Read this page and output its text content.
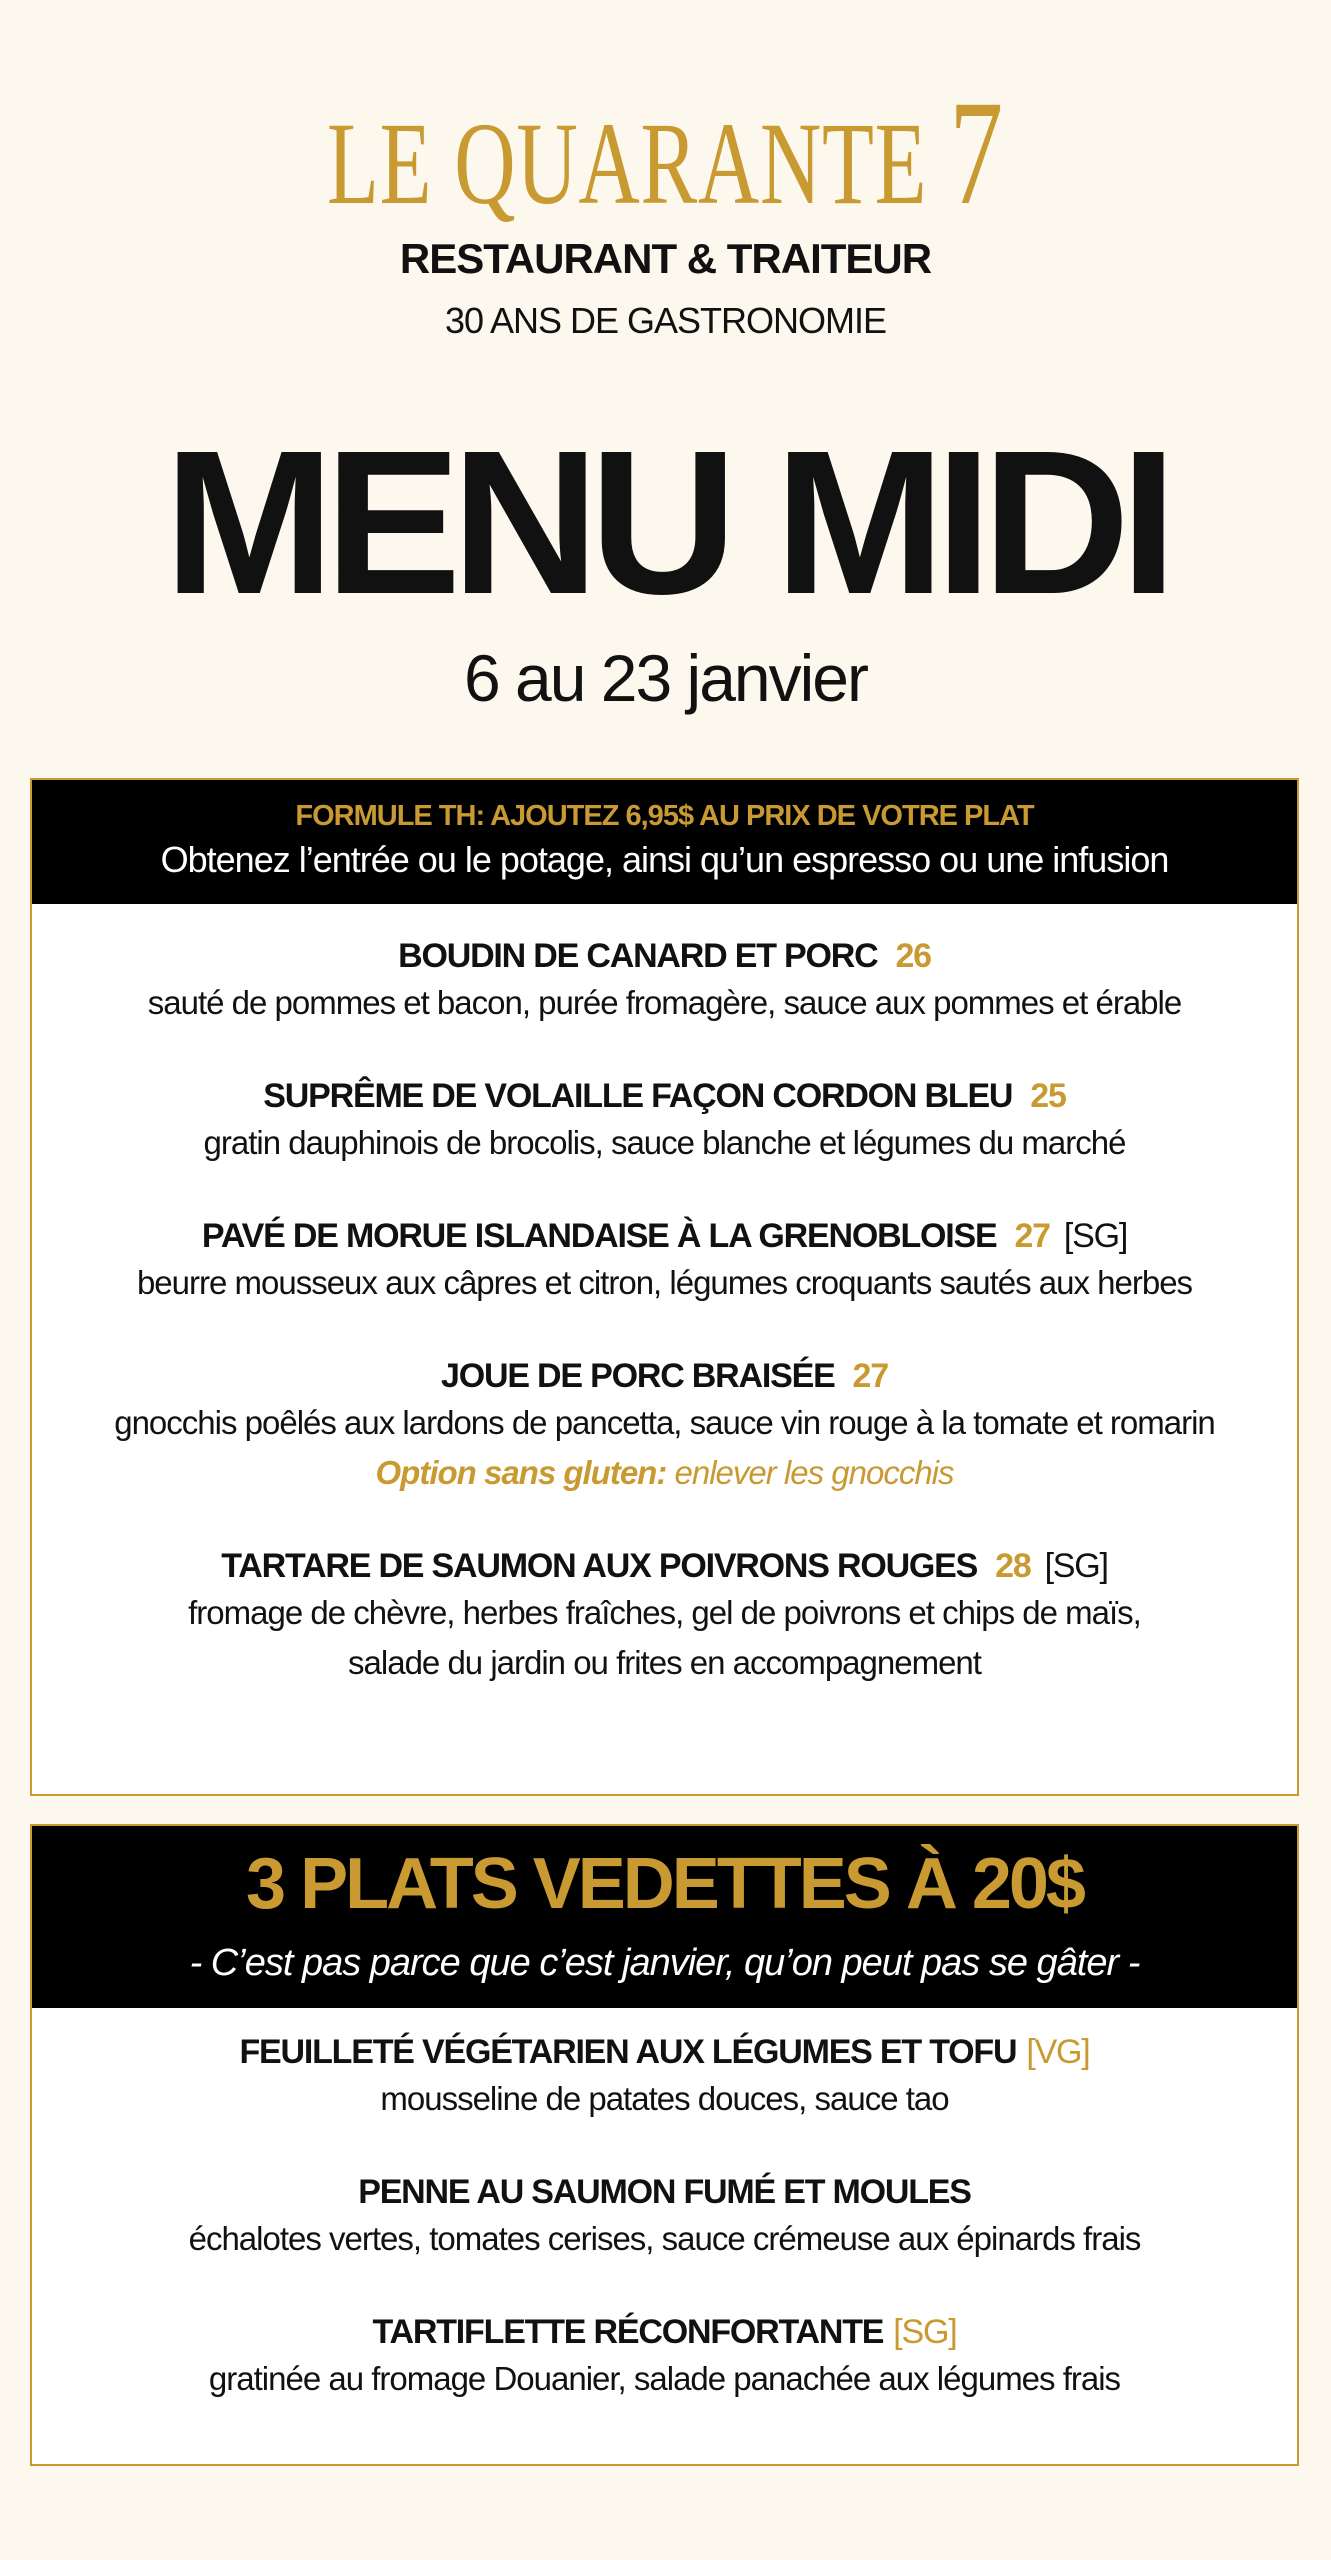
LE QUARANTE 7
RESTAURANT & TRAITEUR
30 ANS DE GASTRONOMIE
MENU MIDI
6 au 23 janvier
FORMULE TH: AJOUTEZ 6,95$ AU PRIX DE VOTRE PLAT
Obtenez l’entrée ou le potage, ainsi qu’un espresso ou une infusion
BOUDIN DE CANARD ET PORC 26
sauté de pommes et bacon, purée fromagère, sauce aux pommes et érable
SUPRÊME DE VOLAILLE FAÇON CORDON BLEU 25
gratin dauphinois de brocolis, sauce blanche et légumes du marché
PAVÉ DE MORUE ISLANDAISE À LA GRENOBLOISE 27 [SG]
beurre mousseux aux câpres et citron, légumes croquants sautés aux herbes
JOUE DE PORC BRAISÉE 27
gnocchis poêlés aux lardons de pancetta, sauce vin rouge à la tomate et romarin
Option sans gluten: enlever les gnocchis
TARTARE DE SAUMON AUX POIVRONS ROUGES 28 [SG]
fromage de chèvre, herbes fraîches, gel de poivrons et chips de maïs,
salade du jardin ou frites en accompagnement
3 PLATS VEDETTES À 20$
- C’est pas parce que c’est janvier, qu’on peut pas se gâter -
FEUILLETÉ VÉGÉTARIEN AUX LÉGUMES ET TOFU [VG]
mousseline de patates douces, sauce tao
PENNE AU SAUMON FUMÉ ET MOULES
échalotes vertes, tomates cerises, sauce crémeuse aux épinards frais
TARTIFLETTE RÉCONFORTANTE [SG]
gratinée au fromage Douanier, salade panachée aux légumes frais
